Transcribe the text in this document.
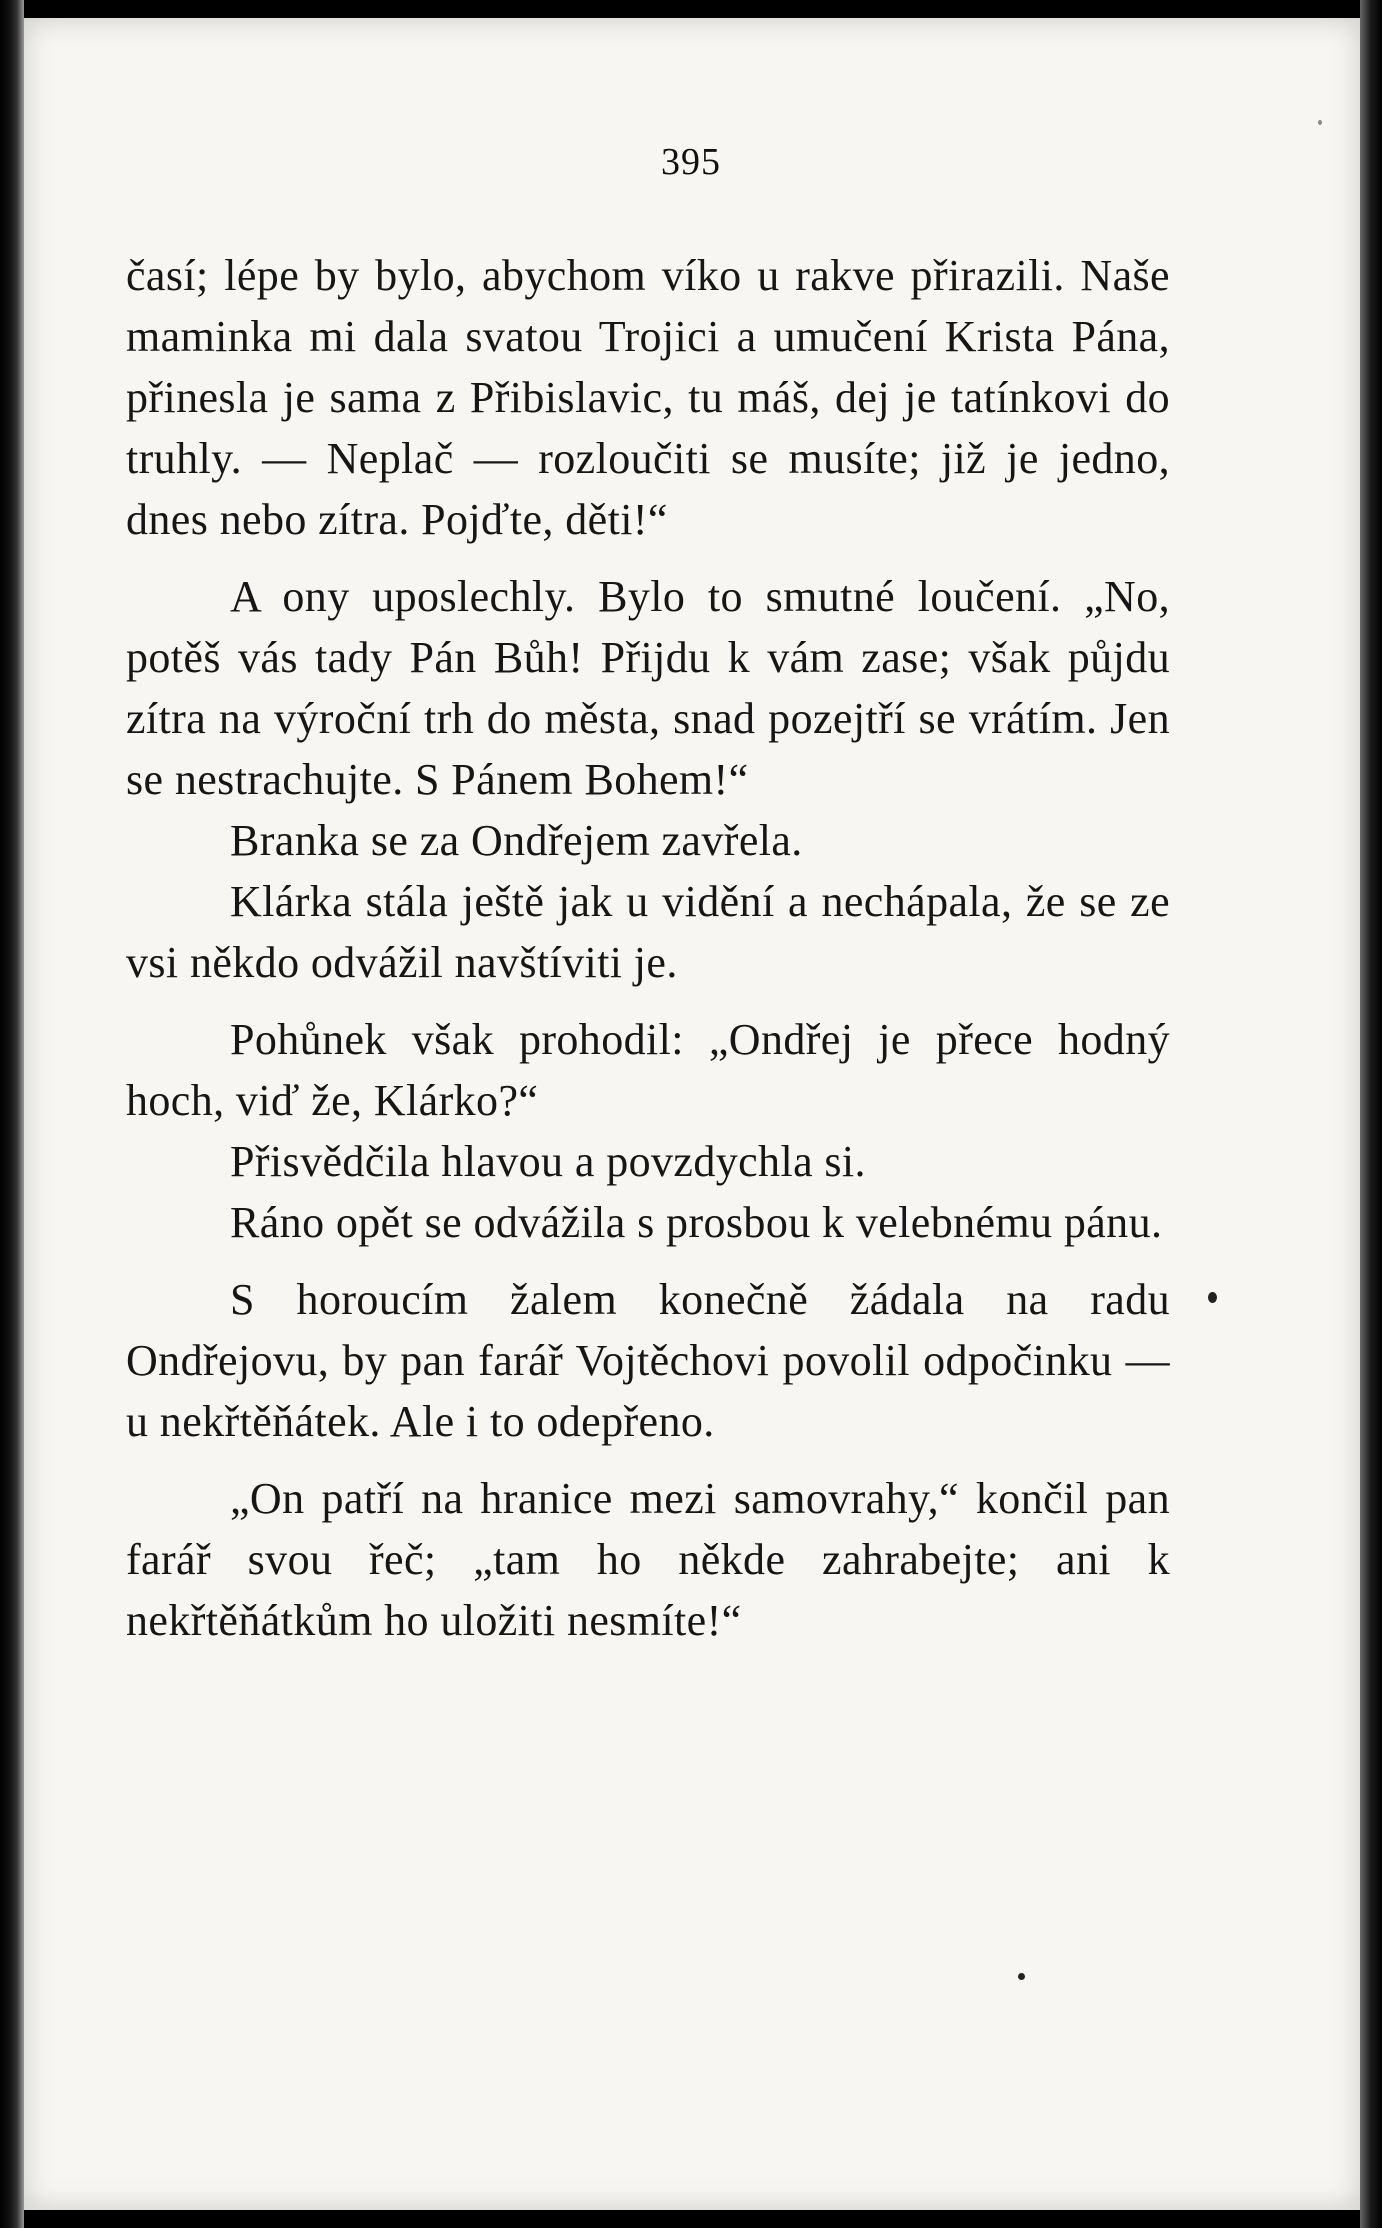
395

časí; lépe by bylo, abychom víko u rakve přirazili. Naše maminka mi dala svatou Trojici a umučení Krista Pána, přinesla je sama z Přibislavic, tu máš, dej je tatínkovi do truhly. — Neplač — rozloučiti se musíte; již je jedno, dnes nebo zítra. Pojďte, děti!“

A ony uposlechly. Bylo to smutné loučení. „No, potěš vás tady Pán Bůh! Přijdu k vám zase; však půjdu zítra na výroční trh do města, snad pozejtří se vrátím. Jen se nestrachujte. S Pánem Bohem!“

Branka se za Ondřejem zavřela.

Klárka stála ještě jak u vidění a nechápala, že se ze vsi někdo odvážil navštíviti je.

Pohůnek však prohodil: „Ondřej je přece hodný hoch, viď že, Klárko?“

Přisvědčila hlavou a povzdychla si.

Ráno opět se odvážila s prosbou k velebnému pánu.

S horoucím žalem konečně žádala na radu Ondřejovu, by pan farář Vojtěchovi povolil odpočinku — u nekřtěňátek. Ale i to odepřeno.

„On patří na hranice mezi samovrahy,“ končil pan farář svou řeč; „tam ho někde zahrabejte; ani k nekřtěňátkům ho uložiti nesmíte!“
